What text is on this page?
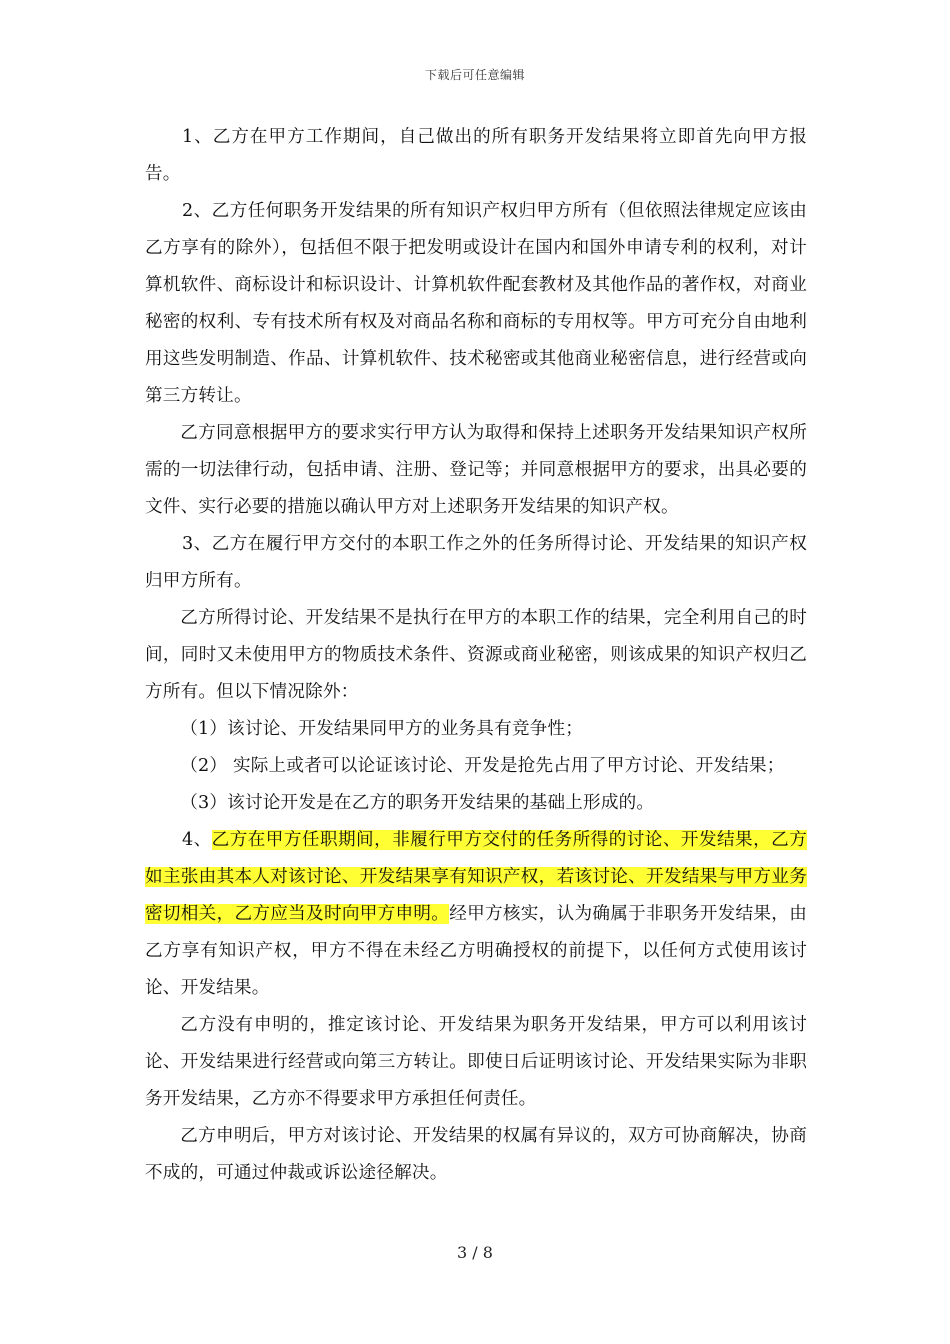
下载后可任意编辑

1、乙方在甲方工作期间，自己做出的所有职务开发结果将立即首先向甲方报告。

2、乙方任何职务开发结果的所有知识产权归甲方所有（但依照法律规定应该由乙方享有的除外），包括但不限于把发明或设计在国内和国外申请专利的权利，对计算机软件、商标设计和标识设计、计算机软件配套教材及其他作品的著作权，对商业秘密的权利、专有技术所有权及对商品名称和商标的专用权等。甲方可充分自由地利用这些发明制造、作品、计算机软件、技术秘密或其他商业秘密信息，进行经营或向第三方转让。

乙方同意根据甲方的要求实行甲方认为取得和保持上述职务开发结果知识产权所需的一切法律行动，包括申请、注册、登记等；并同意根据甲方的要求，出具必要的文件、实行必要的措施以确认甲方对上述职务开发结果的知识产权。

3、乙方在履行甲方交付的本职工作之外的任务所得讨论、开发结果的知识产权归甲方所有。

乙方所得讨论、开发结果不是执行在甲方的本职工作的结果，完全利用自己的时间，同时又未使用甲方的物质技术条件、资源或商业秘密，则该成果的知识产权归乙方所有。但以下情况除外：

（1）该讨论、开发结果同甲方的业务具有竞争性；

（2） 实际上或者可以论证该讨论、开发是抢先占用了甲方讨论、开发结果；

（3）该讨论开发是在乙方的职务开发结果的基础上形成的。

4、乙方在甲方任职期间，非履行甲方交付的任务所得的讨论、开发结果，乙方如主张由其本人对该讨论、开发结果享有知识产权，若该讨论、开发结果与甲方业务密切相关，乙方应当及时向甲方申明。经甲方核实，认为确属于非职务开发结果，由乙方享有知识产权，甲方不得在未经乙方明确授权的前提下，以任何方式使用该讨论、开发结果。

乙方没有申明的，推定该讨论、开发结果为职务开发结果，甲方可以利用该讨论、开发结果进行经营或向第三方转让。即使日后证明该讨论、开发结果实际为非职务开发结果，乙方亦不得要求甲方承担任何责任。

乙方申明后，甲方对该讨论、开发结果的权属有异议的，双方可协商解决，协商不成的，可通过仲裁或诉讼途径解决。

3 / 8
